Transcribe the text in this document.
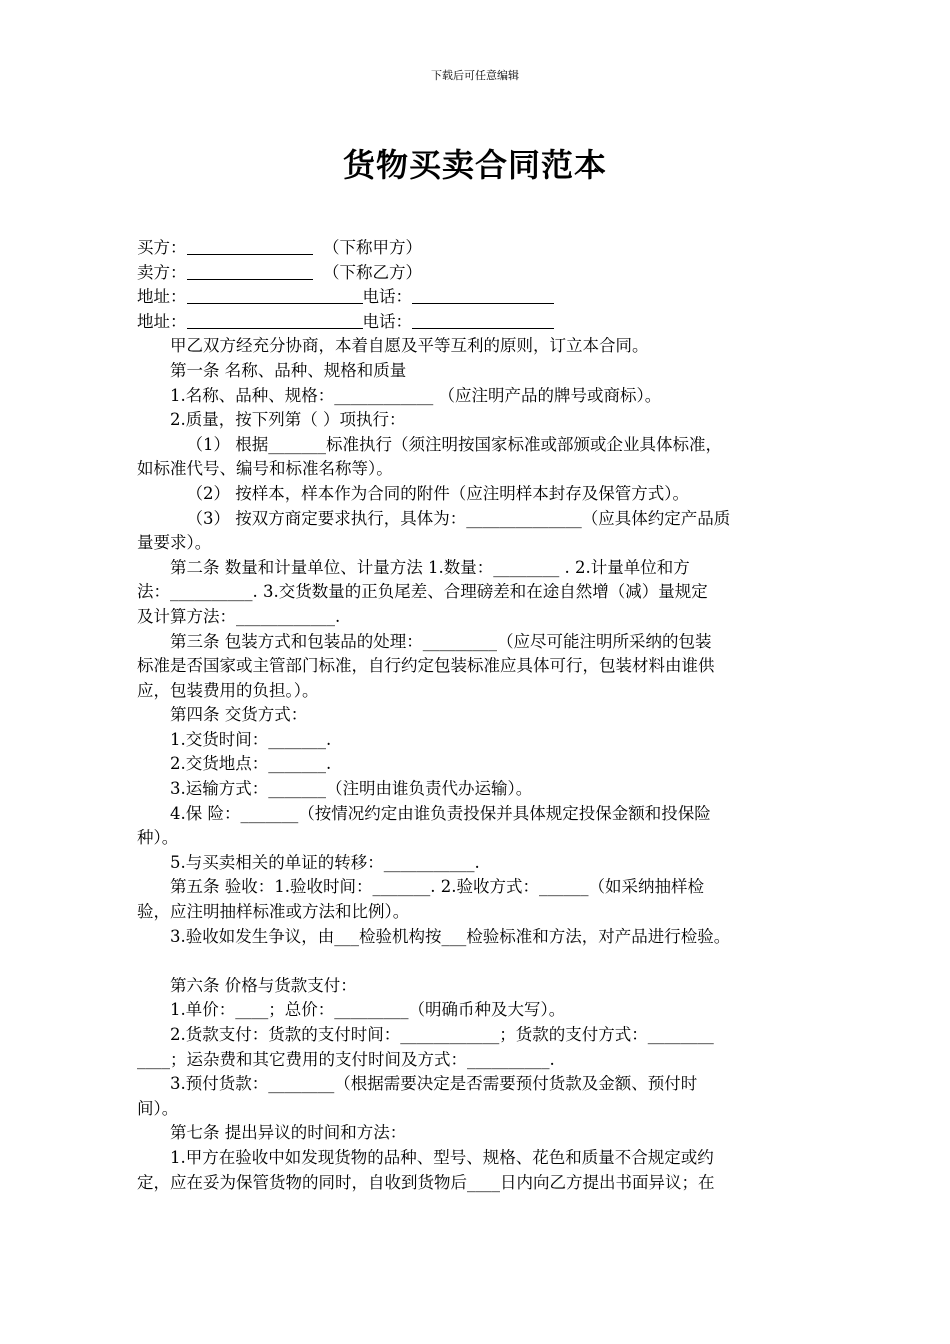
下载后可任意编辑
货物买卖合同范本
买方：	（下称甲方）
卖方：	（下称乙方）
地址：	电话：
地址：	电话：
甲乙双方经充分协商，本着自愿及平等互利的原则，订立本合同。
第一条 名称、品种、规格和质量
1.名称、品种、规格：____________ （应注明产品的牌号或商标）。
2.质量，按下列第（ ）项执行：
（1） 根据_______标准执行（须注明按国家标准或部颁或企业具体标准，
如标准代号、编号和标准名称等）。
（2） 按样本，样本作为合同的附件（应注明样本封存及保管方式）。
（3） 按双方商定要求执行，具体为：______________（应具体约定产品质
量要求）。
第二条 数量和计量单位、计量方法 1.数量：________ . 2.计量单位和方
法：__________. 3.交货数量的正负尾差、合理磅差和在途自然增（减）量规定
及计算方法：____________.
第三条 包装方式和包装品的处理：_________（应尽可能注明所采纳的包装
标准是否国家或主管部门标准，自行约定包装标准应具体可行，包装材料由谁供
应，包装费用的负担。）。
第四条 交货方式：
1.交货时间：_______.
2.交货地点：_______.
3.运输方式：_______（注明由谁负责代办运输）。
4.保 险：_______（按情况约定由谁负责投保并具体规定投保金额和投保险
种）。
5.与买卖相关的单证的转移：___________.
第五条 验收：1.验收时间：_______. 2.验收方式：______（如采纳抽样检
验，应注明抽样标准或方法和比例）。
3.验收如发生争议，由___检验机构按___检验标准和方法，对产品进行检验。
第六条 价格与货款支付：
1.单价：____；总价：_________（明确币种及大写）。
2.货款支付：货款的支付时间：____________；货款的支付方式：________
____；运杂费和其它费用的支付时间及方式：__________.
3.预付货款：________（根据需要决定是否需要预付货款及金额、预付时
间）。
第七条 提出异议的时间和方法：
1.甲方在验收中如发现货物的品种、型号、规格、花色和质量不合规定或约
定，应在妥为保管货物的同时，自收到货物后____日内向乙方提出书面异议；在
